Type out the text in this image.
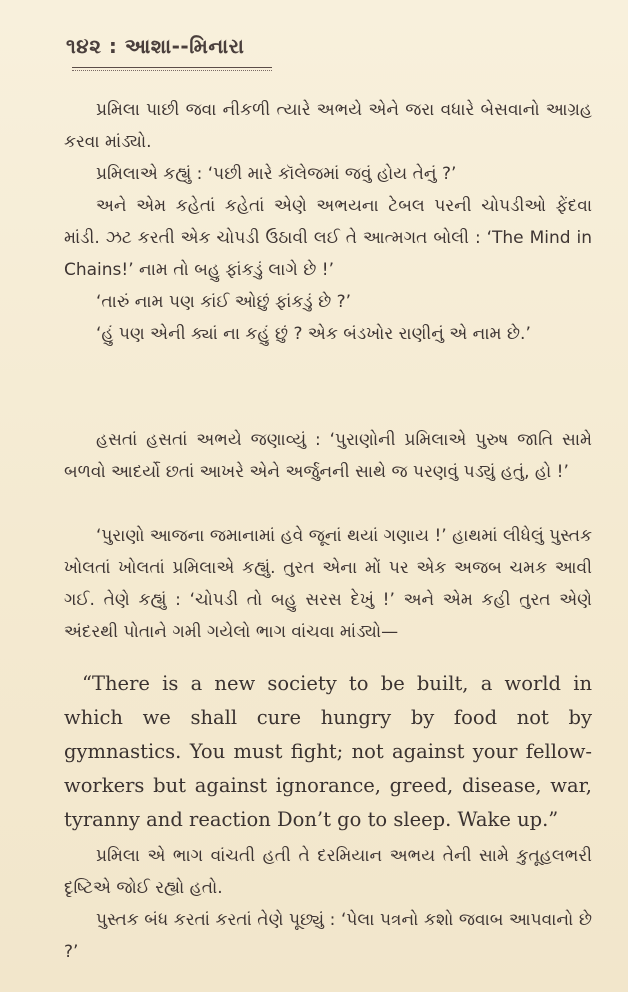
૧૪૨ : આશા--મિનારા

પ્રમિલા પાછી જવા નીકળી ત્યારે અભયે એને જરા વધારે બેસવાનો આગ્રહ કરવા માંડ્યો.

પ્રમિલાએ કહ્યું : ‘પછી મારે કૉલેજમાં જવું હોય તેનું ?’

અને એમ કહેતાં કહેતાં એણે અભયના ટેબલ પરની ચોપડીઓ ફેંદવા માંડી. ઝટ કરતી એક ચોપડી ઉઠાવી લઈ તે આત્મગત બોલી : ‘The Mind in Chains!’ નામ તો બહુ ફાંકડું લાગે છે !’

‘તારું નામ પણ કાંઈ ઓછું ફાંકડું છે ?’

‘હું પણ એની ક્યાં ના કહું છું ? એક બંડખોર રાણીનું એ નામ છે.’

હસતાં હસતાં અભયે જણાવ્યું : ‘પુરાણોની પ્રમિલાએ પુરુષ જાતિ સામે બળવો આદર્યો છતાં આખરે એને અર્જુનની સાથે જ પરણવું પડ્યું હતું, હો !’

‘પુરાણો આજના જમાનામાં હવે જૂનાં થયાં ગણાય !’ હાથમાં લીધેલું પુસ્તક ખોલતાં ખોલતાં પ્રમિલાએ કહ્યું. તુરત એના મોં પર એક અજબ ચમક આવી ગઈ. તેણે કહ્યું : ‘ચોપડી તો બહુ સરસ દેખું !’ અને એમ કહી તુરત એણે અંદરથી પોતાને ગમી ગયેલો ભાગ વાંચવા માંડ્યો—

“There is a new society to be built, a world in which we shall cure hungry by food not by gymnastics. You must fight; not against your fellow-workers but against ignorance, greed, disease, war, tyranny and reaction Don’t go to sleep. Wake up.”

પ્રમિલા એ ભાગ વાંચતી હતી તે દરમિયાન અભય તેની સામે કુતૂહલભરી દૃષ્ટિએ જોઈ રહ્યો હતો.

પુસ્તક બંધ કરતાં કરતાં તેણે પૂછ્યું : ‘પેલા પત્રનો કશો જવાબ આપવાનો છે ?’
